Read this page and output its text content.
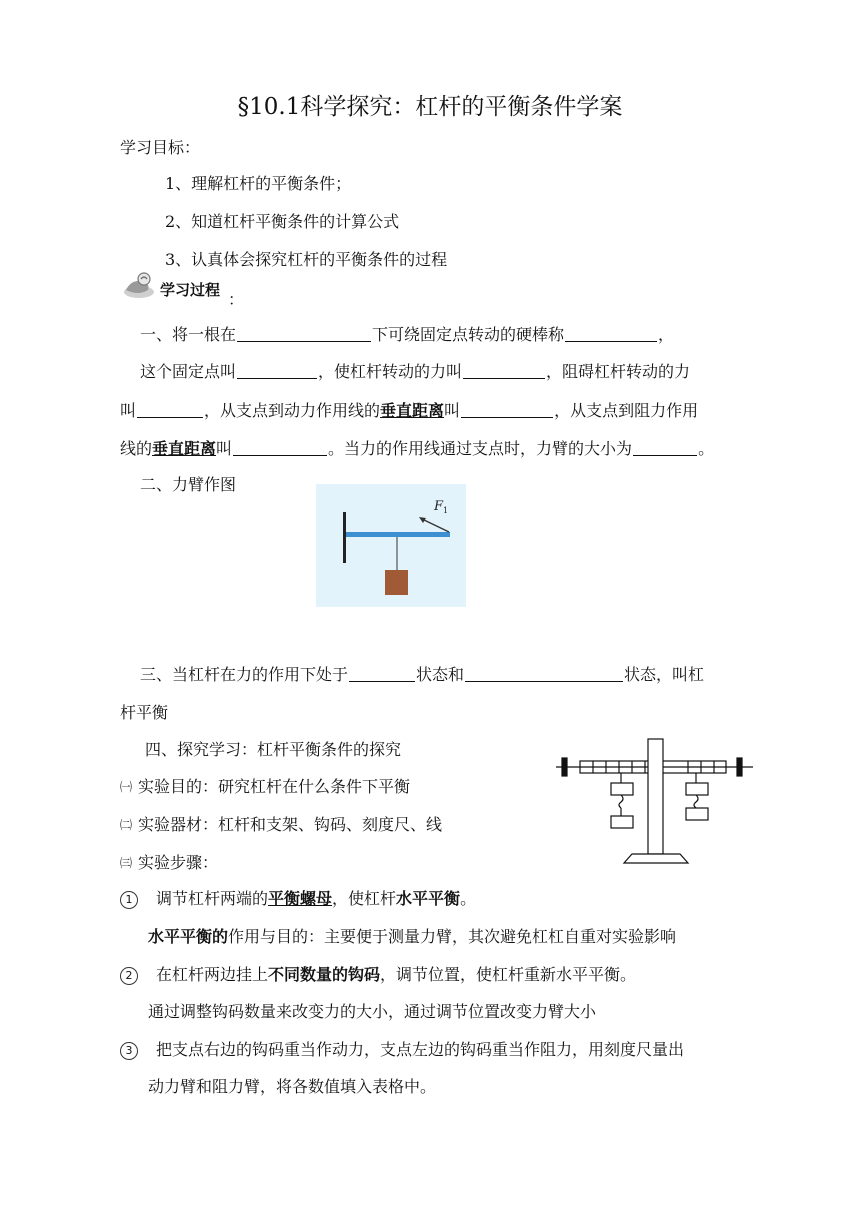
§10.1科学探究：杠杆的平衡条件学案
学习目标：
1、理解杠杆的平衡条件；
2、知道杠杆平衡条件的计算公式
3、认真体会探究杠杆的平衡条件的过程
学习过程 ：
一、将一根在	下可绕固定点转动的硬棒称	，
这个固定点叫	，使杠杆转动的力叫	，阻碍杠杆转动的力
叫	，从支点到动力作用线的垂直距离叫	，从支点到阻力作用
线的垂直距离叫	。当力的作用线通过支点时，力臂的大小为	。
二、力臂作图
F 1
三、当杠杆在力的作用下处于	状态和	状态，叫杠
杆平衡
四、探究学习：杠杆平衡条件的探究
㈠ 实验目的：研究杠杆在什么条件下平衡
㈡ 实验器材：杠杆和支架、钩码、刻度尺、线
㈢ 实验步骤：
1 调节杠杆两端的平衡螺母，使杠杆水平平衡。
水平平衡的作用与目的：主要便于测量力臂，其次避免杠杠自重对实验影响
2 在杠杆两边挂上不同数量的钩码，调节位置，使杠杆重新水平平衡。
通过调整钩码数量来改变力的大小，通过调节位置改变力臂大小
3 把支点右边的钩码重当作动力，支点左边的钩码重当作阻力，用刻度尺量出
动力臂和阻力臂，将各数值填入表格中。
